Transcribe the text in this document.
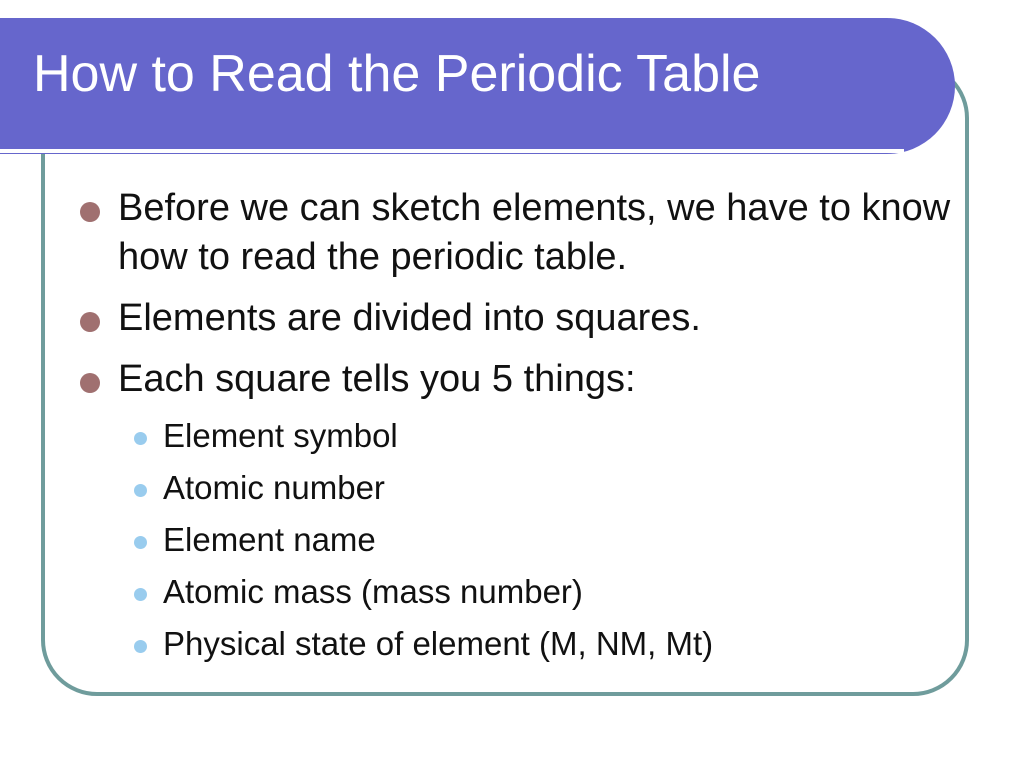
How to Read the Periodic Table
Before we can sketch elements, we have to know how to read the periodic table.
Elements are divided into squares.
Each square tells you 5 things:
Element symbol
Atomic number
Element name
Atomic mass (mass number)
Physical state of element (M, NM, Mt)
